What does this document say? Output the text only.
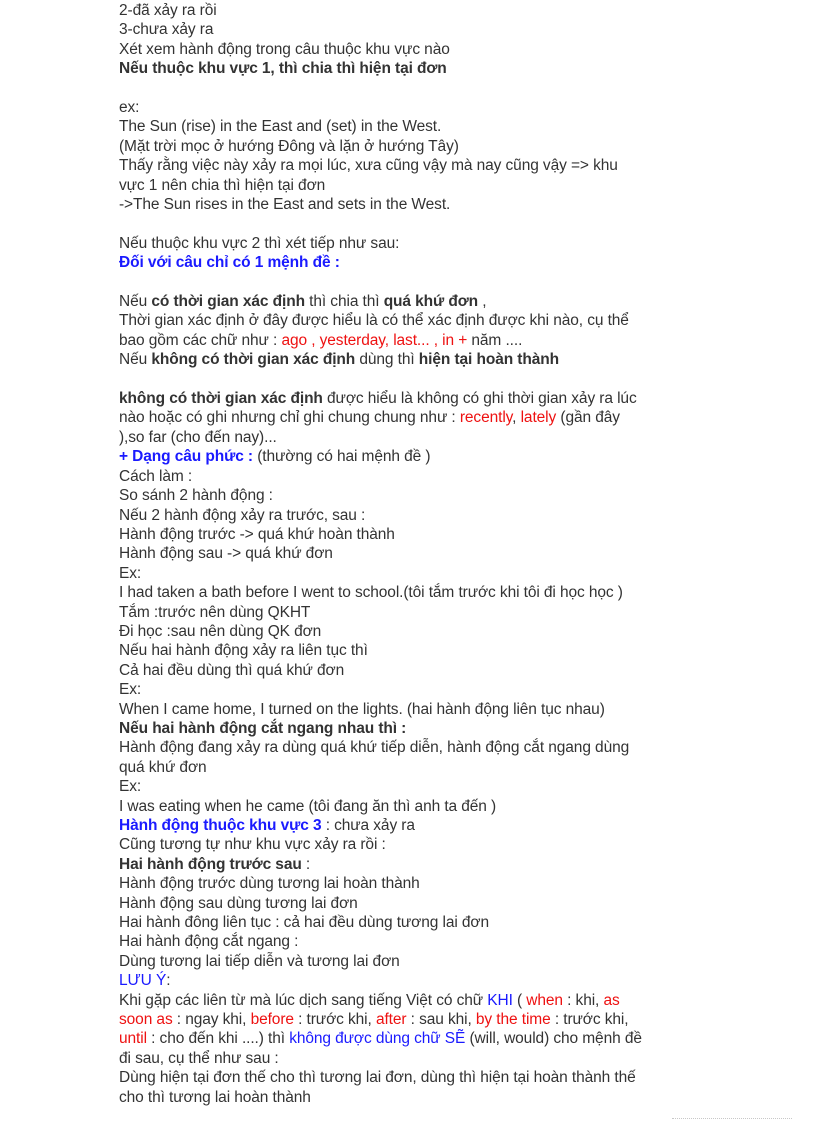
2-đã xảy ra rồi
3-chưa xảy ra
Xét xem hành động trong câu thuộc khu vực nào
Nếu thuộc khu vực 1, thì chia thì hiện tại đơn
ex:
The Sun (rise) in the East and (set) in the West.
(Mặt trời mọc ở hướng Đông và lặn ở hướng Tây)
Thấy rằng việc này xảy ra mọi lúc, xưa cũng vậy mà nay cũng vậy => khu
vực 1 nên chia thì hiện tại đơn
->The Sun rises in the East and sets in the West.
Nếu thuộc khu vực 2 thì xét tiếp như sau:
Đối với câu chỉ có 1 mệnh đề :
Nếu có thời gian xác định thì chia thì quá khứ đơn ,
Thời gian xác định ở đây được hiểu là có thể xác định được khi nào, cụ thể
bao gồm các chữ như : ago , yesterday, last... , in + năm ....
Nếu không có thời gian xác định dùng thì hiện tại hoàn thành
không có thời gian xác định được hiểu là không có ghi thời gian xảy ra lúc
nào hoặc có ghi nhưng chỉ ghi chung chung như : recently, lately (gần đây
),so far (cho đến nay)...
+ Dạng câu phức : (thường có hai mệnh đề )
Cách làm :
So sánh 2 hành động :
Nếu 2 hành động xảy ra trước, sau :
Hành động trước -> quá khứ hoàn thành
Hành động sau -> quá khứ đơn
Ex:
I had taken a bath before I went to school.(tôi tắm trước khi tôi đi học học )
Tắm :trước nên dùng QKHT
Đi học :sau nên dùng QK đơn
Nếu hai hành động xảy ra liên tục thì
Cả hai đều dùng thì quá khứ đơn
Ex:
When I came home, I turned on the lights. (hai hành động liên tục nhau)
Nếu hai hành động cắt ngang nhau thì :
Hành động đang xảy ra dùng quá khứ tiếp diễn, hành động cắt ngang dùng
quá khứ đơn
Ex:
I was eating when he came (tôi đang ăn thì anh ta đến )
Hành động thuộc khu vực 3 : chưa xảy ra
Cũng tương tự như khu vực xảy ra rồi :
Hai hành động trước sau :
Hành động trước dùng tương lai hoàn thành
Hành động sau dùng tương lai đơn
Hai hành đông liên tục : cả hai đều dùng tương lai đơn
Hai hành động cắt ngang :
Dùng tương lai tiếp diễn và tương lai đơn
LƯU Ý:
Khi gặp các liên từ mà lúc dịch sang tiếng Việt có chữ KHI ( when : khi, as
soon as : ngay khi, before : trước khi, after : sau khi, by the time : trước khi,
until : cho đến khi ....) thì không được dùng chữ SẼ (will, would) cho mệnh đề
đi sau, cụ thể như sau :
Dùng hiện tại đơn thế cho thì tương lai đơn, dùng thì hiện tại hoàn thành thế
cho thì tương lai hoàn thành
